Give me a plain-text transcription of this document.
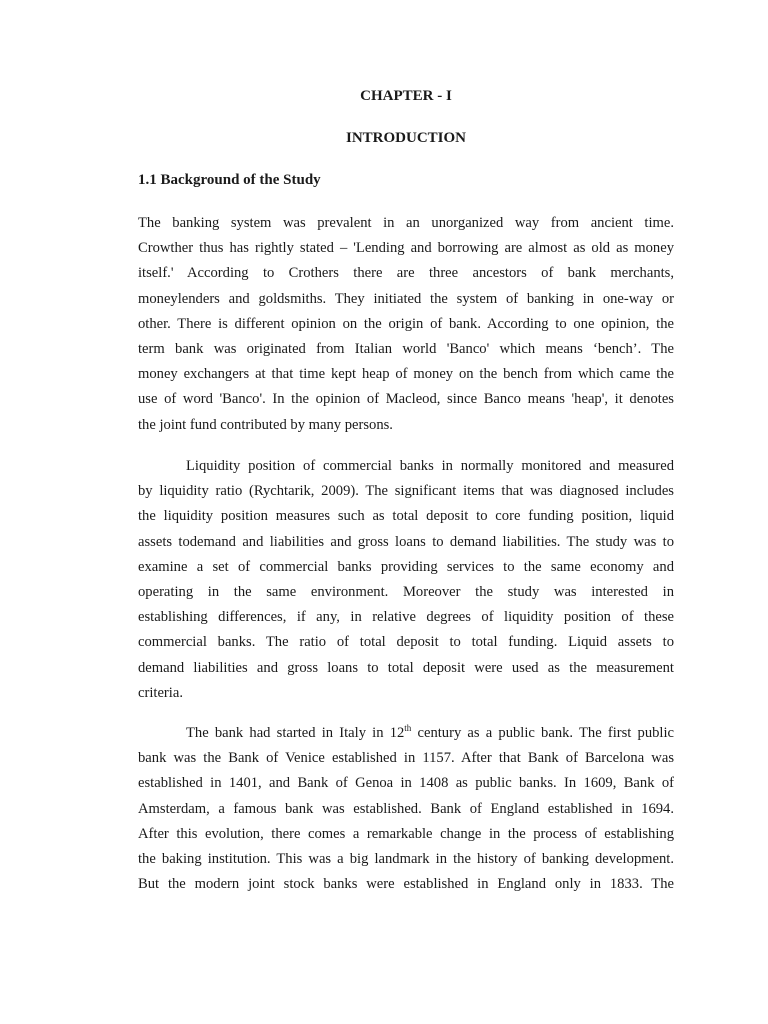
CHAPTER - I
INTRODUCTION
1.1 Background of the Study
The banking system was prevalent in an unorganized way from ancient time.
Crowther thus has rightly stated – 'Lending and borrowing are almost as old as money
itself.' According to Crothers there are three ancestors of bank merchants,
moneylenders and goldsmiths. They initiated the system of banking in one-way or
other. There is different opinion on the origin of bank. According to one opinion, the
term bank was originated from Italian world 'Banco' which means ‘bench’. The
money exchangers at that time kept heap of money on the bench from which came the
use of word 'Banco'. In the opinion of Macleod, since Banco means 'heap', it denotes
the joint fund contributed by many persons.
Liquidity position of commercial banks in normally monitored and measured
by liquidity ratio (Rychtarik, 2009). The significant items that was diagnosed includes
the liquidity position measures such as total deposit to core funding position, liquid
assets todemand and liabilities and gross loans to demand liabilities. The study was to
examine a set of commercial banks providing services to the same economy and
operating in the same environment. Moreover the study was interested in
establishing differences, if any, in relative degrees of liquidity position of these
commercial banks. The ratio of total deposit to total funding. Liquid assets to
demand liabilities and gross loans to total deposit were used as the measurement
criteria.
The bank had started in Italy in 12th century as a public bank. The first public
bank was the Bank of Venice established in 1157. After that Bank of Barcelona was
established in 1401, and Bank of Genoa in 1408 as public banks. In 1609, Bank of
Amsterdam, a famous bank was established. Bank of England established in 1694.
After this evolution, there comes a remarkable change in the process of establishing
the baking institution. This was a big landmark in the history of banking development.
But the modern joint stock banks were established in England only in 1833. The
